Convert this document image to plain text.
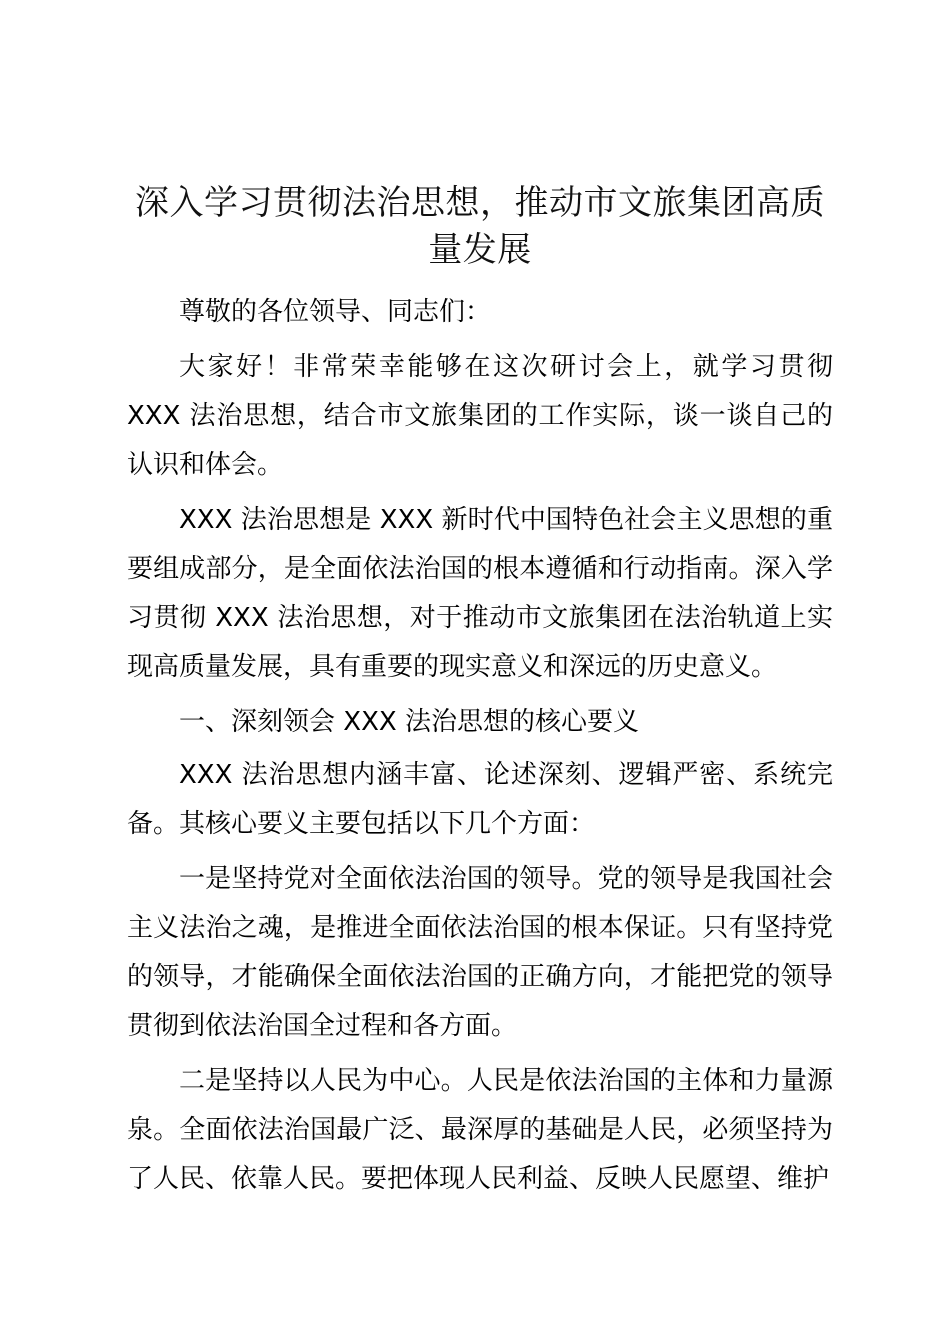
深入学习贯彻法治思想，推动市文旅集团高质量发展

尊敬的各位领导、同志们：

大家好！非常荣幸能够在这次研讨会上，就学习贯彻 XXX 法治思想，结合市文旅集团的工作实际，谈一谈自己的认识和体会。

XXX 法治思想是 XXX 新时代中国特色社会主义思想的重要组成部分，是全面依法治国的根本遵循和行动指南。深入学习贯彻 XXX 法治思想，对于推动市文旅集团在法治轨道上实现高质量发展，具有重要的现实意义和深远的历史意义。

一、深刻领会 XXX 法治思想的核心要义

XXX 法治思想内涵丰富、论述深刻、逻辑严密、系统完备。其核心要义主要包括以下几个方面：

一是坚持党对全面依法治国的领导。党的领导是我国社会主义法治之魂，是推进全面依法治国的根本保证。只有坚持党的领导，才能确保全面依法治国的正确方向，才能把党的领导贯彻到依法治国全过程和各方面。

二是坚持以人民为中心。人民是依法治国的主体和力量源泉。全面依法治国最广泛、最深厚的基础是人民，必须坚持为了人民、依靠人民。要把体现人民利益、反映人民愿望、维护
